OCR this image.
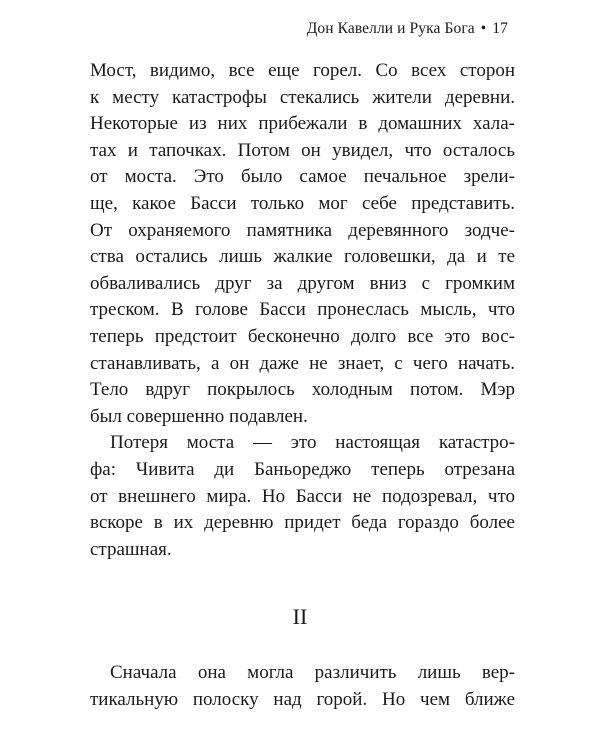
Дон Кавелли и Рука Бога • 17
Мост, видимо, все еще горел. Со всех сторон
к месту катастрофы стекались жители деревни.
Некоторые из них прибежали в домашних хала-
тах и тапочках. Потом он увидел, что осталось
от моста. Это было самое печальное зрели-
ще, какое Басси только мог себе представить.
От охраняемого памятника деревянного зодче-
ства остались лишь жалкие головешки, да и те
обваливались друг за другом вниз с громким
треском. В голове Басси пронеслась мысль, что
теперь предстоит бесконечно долго все это вос-
станавливать, а он даже не знает, с чего начать.
Тело вдруг покрылось холодным потом. Мэр
был совершенно подавлен.
Потеря моста — это настоящая катастро-
фа: Чивита ди Баньореджо теперь отрезана
от внешнего мира. Но Басси не подозревал, что
вскоре в их деревню придет беда гораздо более
страшная.
II
Сначала она могла различить лишь вер-
тикальную полоску над горой. Но чем ближе
